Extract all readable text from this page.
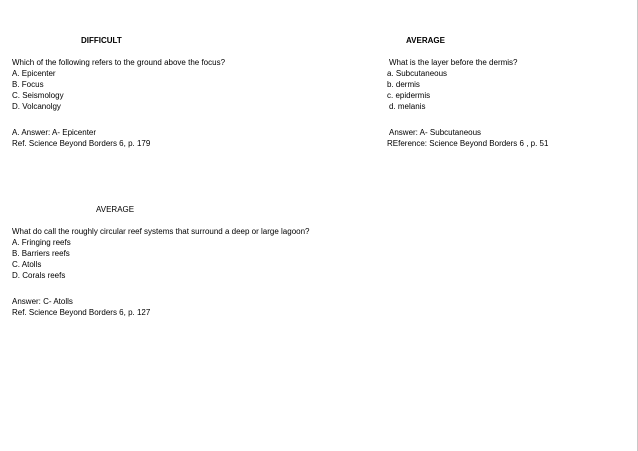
DIFFICULT
Which of the following refers to the ground above the focus?
A. Epicenter
B. Focus
C. Seismology
D. Volcanolgy
A. Answer: A- Epicenter
Ref. Science Beyond Borders 6, p. 179
AVERAGE
What is the layer before the dermis?
a. Subcutaneous
b. dermis
c. epidermis
d. melanis
Answer: A- Subcutaneous
REference: Science Beyond Borders 6 , p. 51
AVERAGE
What do call the roughly circular reef systems that surround a deep or large lagoon?
A. Fringing reefs
B. Barriers reefs
C. Atolls
D. Corals reefs
Answer: C- Atolls
Ref. Science Beyond Borders 6, p. 127
